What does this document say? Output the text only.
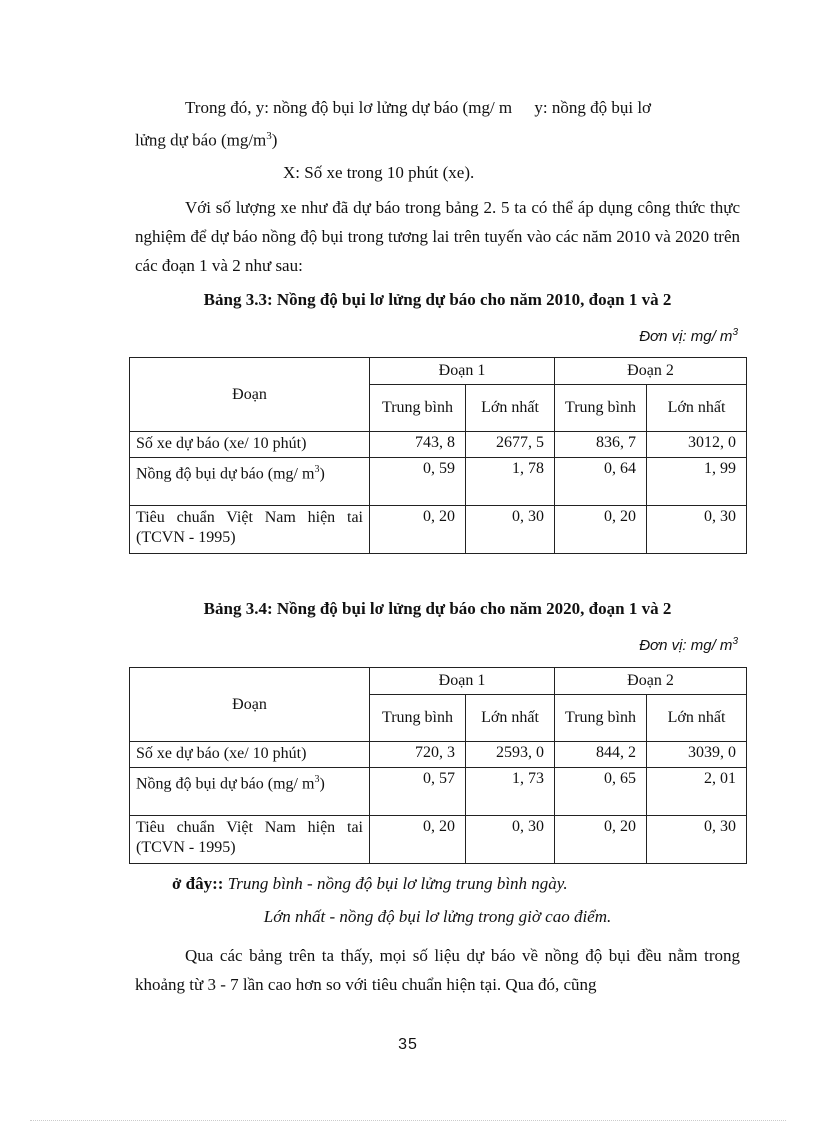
Trong đó, y: nồng độ bụi lơ lửng dự báo (mg/ m y: nồng độ bụi lơ

lửng dự báo $(mg/m^3)$

X: Số xe trong 10 phút (xe).

Với số lượng xe như đã dự báo trong bảng 2. 5 ta có thể áp dụng công thức thực nghiệm để dự báo nồng độ bụi trong tương lai trên tuyến vào các năm 2010 và 2020 trên các đoạn 1 và 2 như sau:

Bảng 3.3: Nồng độ bụi lơ lửng dự báo cho năm 2010, đoạn 1 và 2

Đơn vị: mg/ $m^3$

Đoạn	Đoạn 1		Đoạn 2	
	Trung bình	Lớn nhất	Trung bình	Lớn nhất
Số xe dự báo (xe/ 10 phút)	743, 8	2677, 5	836, 7	3012, 0
Nồng độ bụi dự báo (mg/ $m^3$)	0, 59	1, 78	0, 64	1, 99
Tiêu chuẩn Việt Nam hiện tai (TCVN - 1995)	0, 20	0, 30	0, 20	0, 30

Bảng 3.4: Nồng độ bụi lơ lửng dự báo cho năm 2020, đoạn 1 và 2

Đơn vị: mg/ $m^3$

Đoạn	Đoạn 1		Đoạn 2	
	Trung bình	Lớn nhất	Trung bình	Lớn nhất
Số xe dự báo (xe/ 10 phút)	720, 3	2593, 0	844, 2	3039, 0
Nồng độ bụi dự báo (mg/ $m^3$)	0, 57	1, 73	0, 65	2, 01
Tiêu chuẩn Việt Nam hiện tai (TCVN - 1995)	0, 20	0, 30	0, 20	0, 30

ở đây:: Trung bình - nồng độ bụi lơ lửng trung bình ngày.

Lớn nhất - nồng độ bụi lơ lửng trong giờ cao điểm.

Qua các bảng trên ta thấy, mọi số liệu dự báo về nồng độ bụi đều nằm trong khoảng từ 3 - 7 lần cao hơn so với tiêu chuẩn hiện tại. Qua đó, cũng

35
